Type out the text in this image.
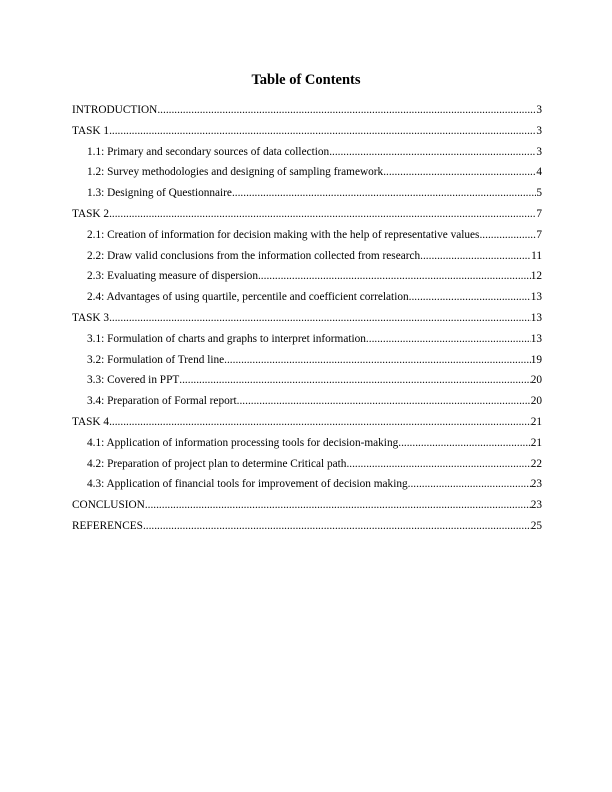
Table of Contents
INTRODUCTION .....	3
TASK 1 .....	3
1.1: Primary and secondary sources of data collection .....	3
1.2: Survey methodologies and designing of sampling framework .....	4
1.3: Designing of Questionnaire .....	5
TASK 2 .....	7
2.1: Creation of information for decision making with the help of representative values .....	7
2.2: Draw valid conclusions from the information collected from research .....	11
2.3: Evaluating measure of dispersion .....	12
2.4: Advantages of using quartile, percentile and coefficient correlation .....	13
TASK 3 .....	13
3.1: Formulation of charts and graphs to interpret information .....	13
3.2: Formulation of Trend line .....	19
3.3: Covered in PPT .....	20
3.4: Preparation of Formal report .....	20
TASK 4 .....	21
4.1: Application of information processing tools for decision-making .....	21
4.2: Preparation of project plan to determine Critical path .....	22
4.3: Application of financial tools for improvement of decision making .....	23
CONCLUSION .....	23
REFERENCES .....	25
